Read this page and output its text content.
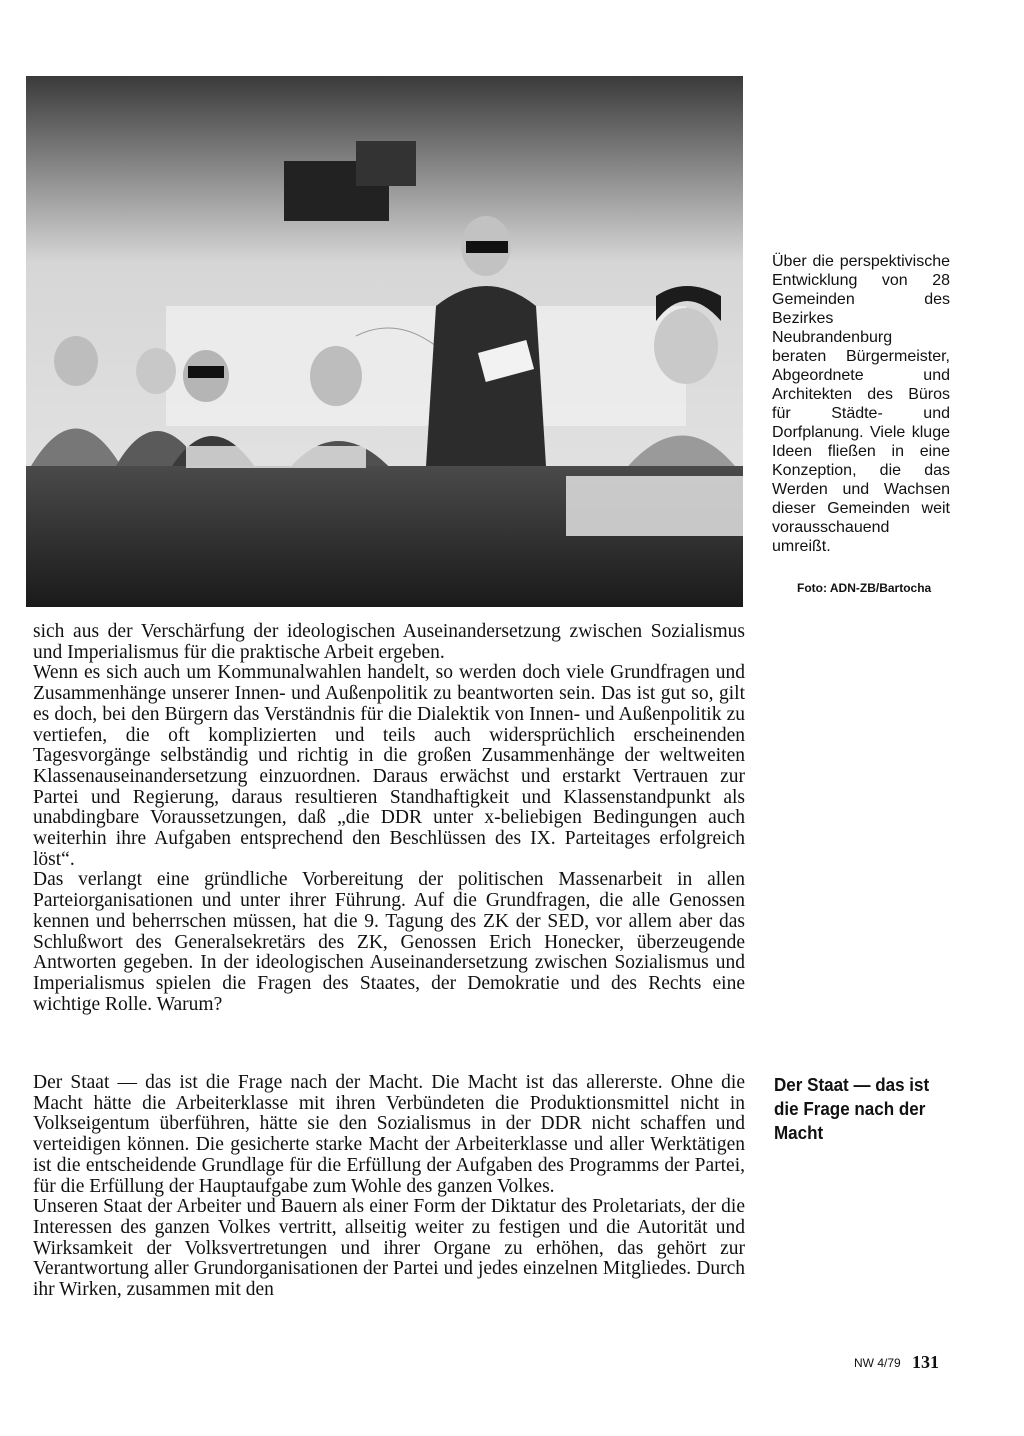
Über die perspektivische Entwicklung von 28 Gemeinden des Bezirkes Neubrandenburg beraten Bürgermeister, Abgeordnete und Architekten des Büros für Städte- und Dorfplanung. Viele kluge Ideen fließen in eine Konzeption, die das Werden und Wachsen dieser Gemeinden weit vorausschauend umreißt.
Foto: ADN-ZB/Bartocha

sich aus der Verschärfung der ideologischen Auseinandersetzung zwischen Sozialismus und Imperialismus für die praktische Arbeit ergeben.

Wenn es sich auch um Kommunalwahlen handelt, so werden doch viele Grundfragen und Zusammenhänge unserer Innen- und Außenpolitik zu beantworten sein. Das ist gut so, gilt es doch, bei den Bürgern das Verständnis für die Dialektik von Innen- und Außenpolitik zu vertiefen, die oft komplizierten und teils auch widersprüchlich erscheinenden Tagesvorgänge selbständig und richtig in die großen Zusammenhänge der weltweiten Klassenauseinandersetzung einzuordnen. Daraus erwächst und erstarkt Vertrauen zur Partei und Regierung, daraus resultieren Standhaftigkeit und Klassenstandpunkt als unabdingbare Voraussetzungen, daß „die DDR unter x-beliebigen Bedingungen auch weiterhin ihre Aufgaben entsprechend den Beschlüssen des IX. Parteitages erfolgreich löst“.

Das verlangt eine gründliche Vorbereitung der politischen Massenarbeit in allen Parteiorganisationen und unter ihrer Führung. Auf die Grundfragen, die alle Genossen kennen und beherrschen müssen, hat die 9. Tagung des ZK der SED, vor allem aber das Schlußwort des Generalsekretärs des ZK, Genossen Erich Honecker, überzeugende Antworten gegeben. In der ideologischen Auseinandersetzung zwischen Sozialismus und Imperialismus spielen die Fragen des Staates, der Demokratie und des Rechts eine wichtige Rolle. Warum?

Der Staat — das ist die Frage nach der Macht

Der Staat — das ist die Frage nach der Macht. Die Macht ist das allererste. Ohne die Macht hätte die Arbeiterklasse mit ihren Verbündeten die Produktionsmittel nicht in Volkseigentum überführen, hätte sie den Sozialismus in der DDR nicht schaffen und verteidigen können. Die gesicherte starke Macht der Arbeiterklasse und aller Werktätigen ist die entscheidende Grundlage für die Erfüllung der Aufgaben des Programms der Partei, für die Erfüllung der Hauptaufgabe zum Wohle des ganzen Volkes.

Unseren Staat der Arbeiter und Bauern als einer Form der Diktatur des Proletariats, der die Interessen des ganzen Volkes vertritt, allseitig weiter zu festigen und die Autorität und Wirksamkeit der Volksvertretungen und ihrer Organe zu erhöhen, das gehört zur Verantwortung aller Grundorganisationen der Partei und jedes einzelnen Mitgliedes. Durch ihr Wirken, zusammen mit den

NW 4/79 131
